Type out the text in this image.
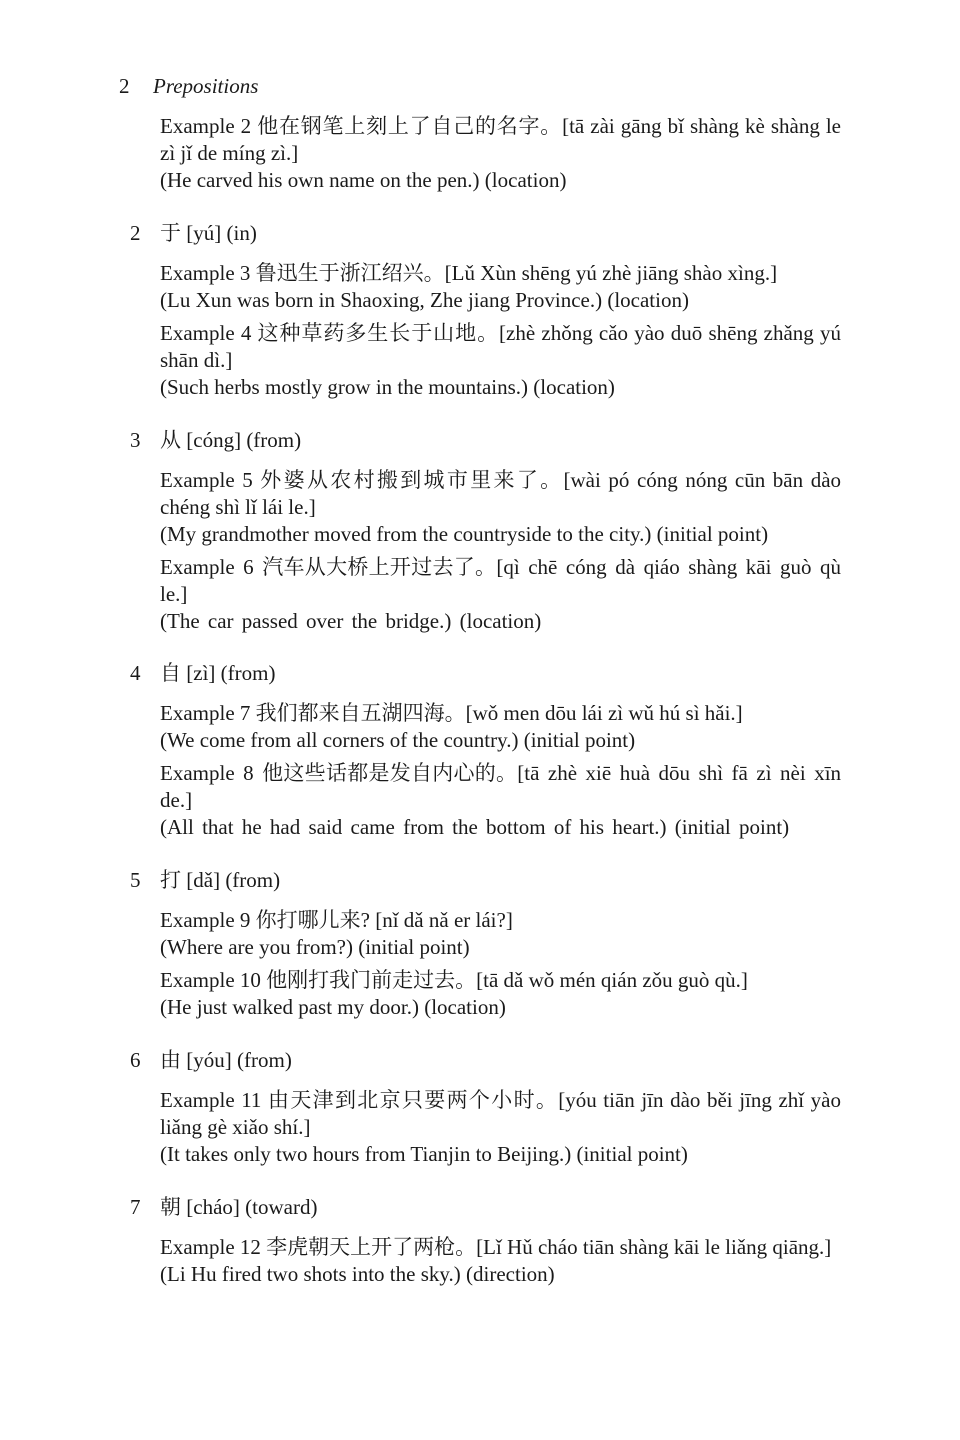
2 Prepositions

Example 2 他在钢笔上刻上了自己的名字。[tā zài gāng bǐ shàng kè shàng le zì jǐ de míng zì.]

(He carved his own name on the pen.) (location)

2 于 [yú] (in)

Example 3 鲁迅生于浙江绍兴。[Lǔ Xùn shēng yú zhè jiāng shào xìng.]

(Lu Xun was born in Shaoxing, Zhe jiang Province.) (location)

Example 4 这种草药多生长于山地。[zhè zhǒng cǎo yào duō shēng zhǎng yú shān dì.]

(Such herbs mostly grow in the mountains.) (location)

3 从 [cóng] (from)

Example 5 外婆从农村搬到城市里来了。[wài pó cóng nóng cūn bān dào chéng shì lǐ lái le.]

(My grandmother moved from the countryside to the city.) (initial point)

Example 6 汽车从大桥上开过去了。[qì chē cóng dà qiáo shàng kāi guò qù le.]

(The car passed over the bridge.) (location)

4 自 [zì] (from)

Example 7 我们都来自五湖四海。[wǒ men dōu lái zì wǔ hú sì hǎi.]

(We come from all corners of the country.) (initial point)

Example 8 他这些话都是发自内心的。[tā zhè xiē huà dōu shì fā zì nèi xīn de.]

(All that he had said came from the bottom of his heart.) (initial point)

5 打 [dǎ] (from)

Example 9 你打哪儿来? [nǐ dǎ nǎ er lái?]

(Where are you from?) (initial point)

Example 10 他刚打我门前走过去。[tā dǎ wǒ mén qián zǒu guò qù.]

(He just walked past my door.) (location)

6 由 [yóu] (from)

Example 11 由天津到北京只要两个小时。[yóu tiān jīn dào běi jīng zhǐ yào liǎng gè xiǎo shí.]

(It takes only two hours from Tianjin to Beijing.) (initial point)

7 朝 [cháo] (toward)

Example 12 李虎朝天上开了两枪。[Lǐ Hǔ cháo tiān shàng kāi le liǎng qiāng.]

(Li Hu fired two shots into the sky.) (direction)
